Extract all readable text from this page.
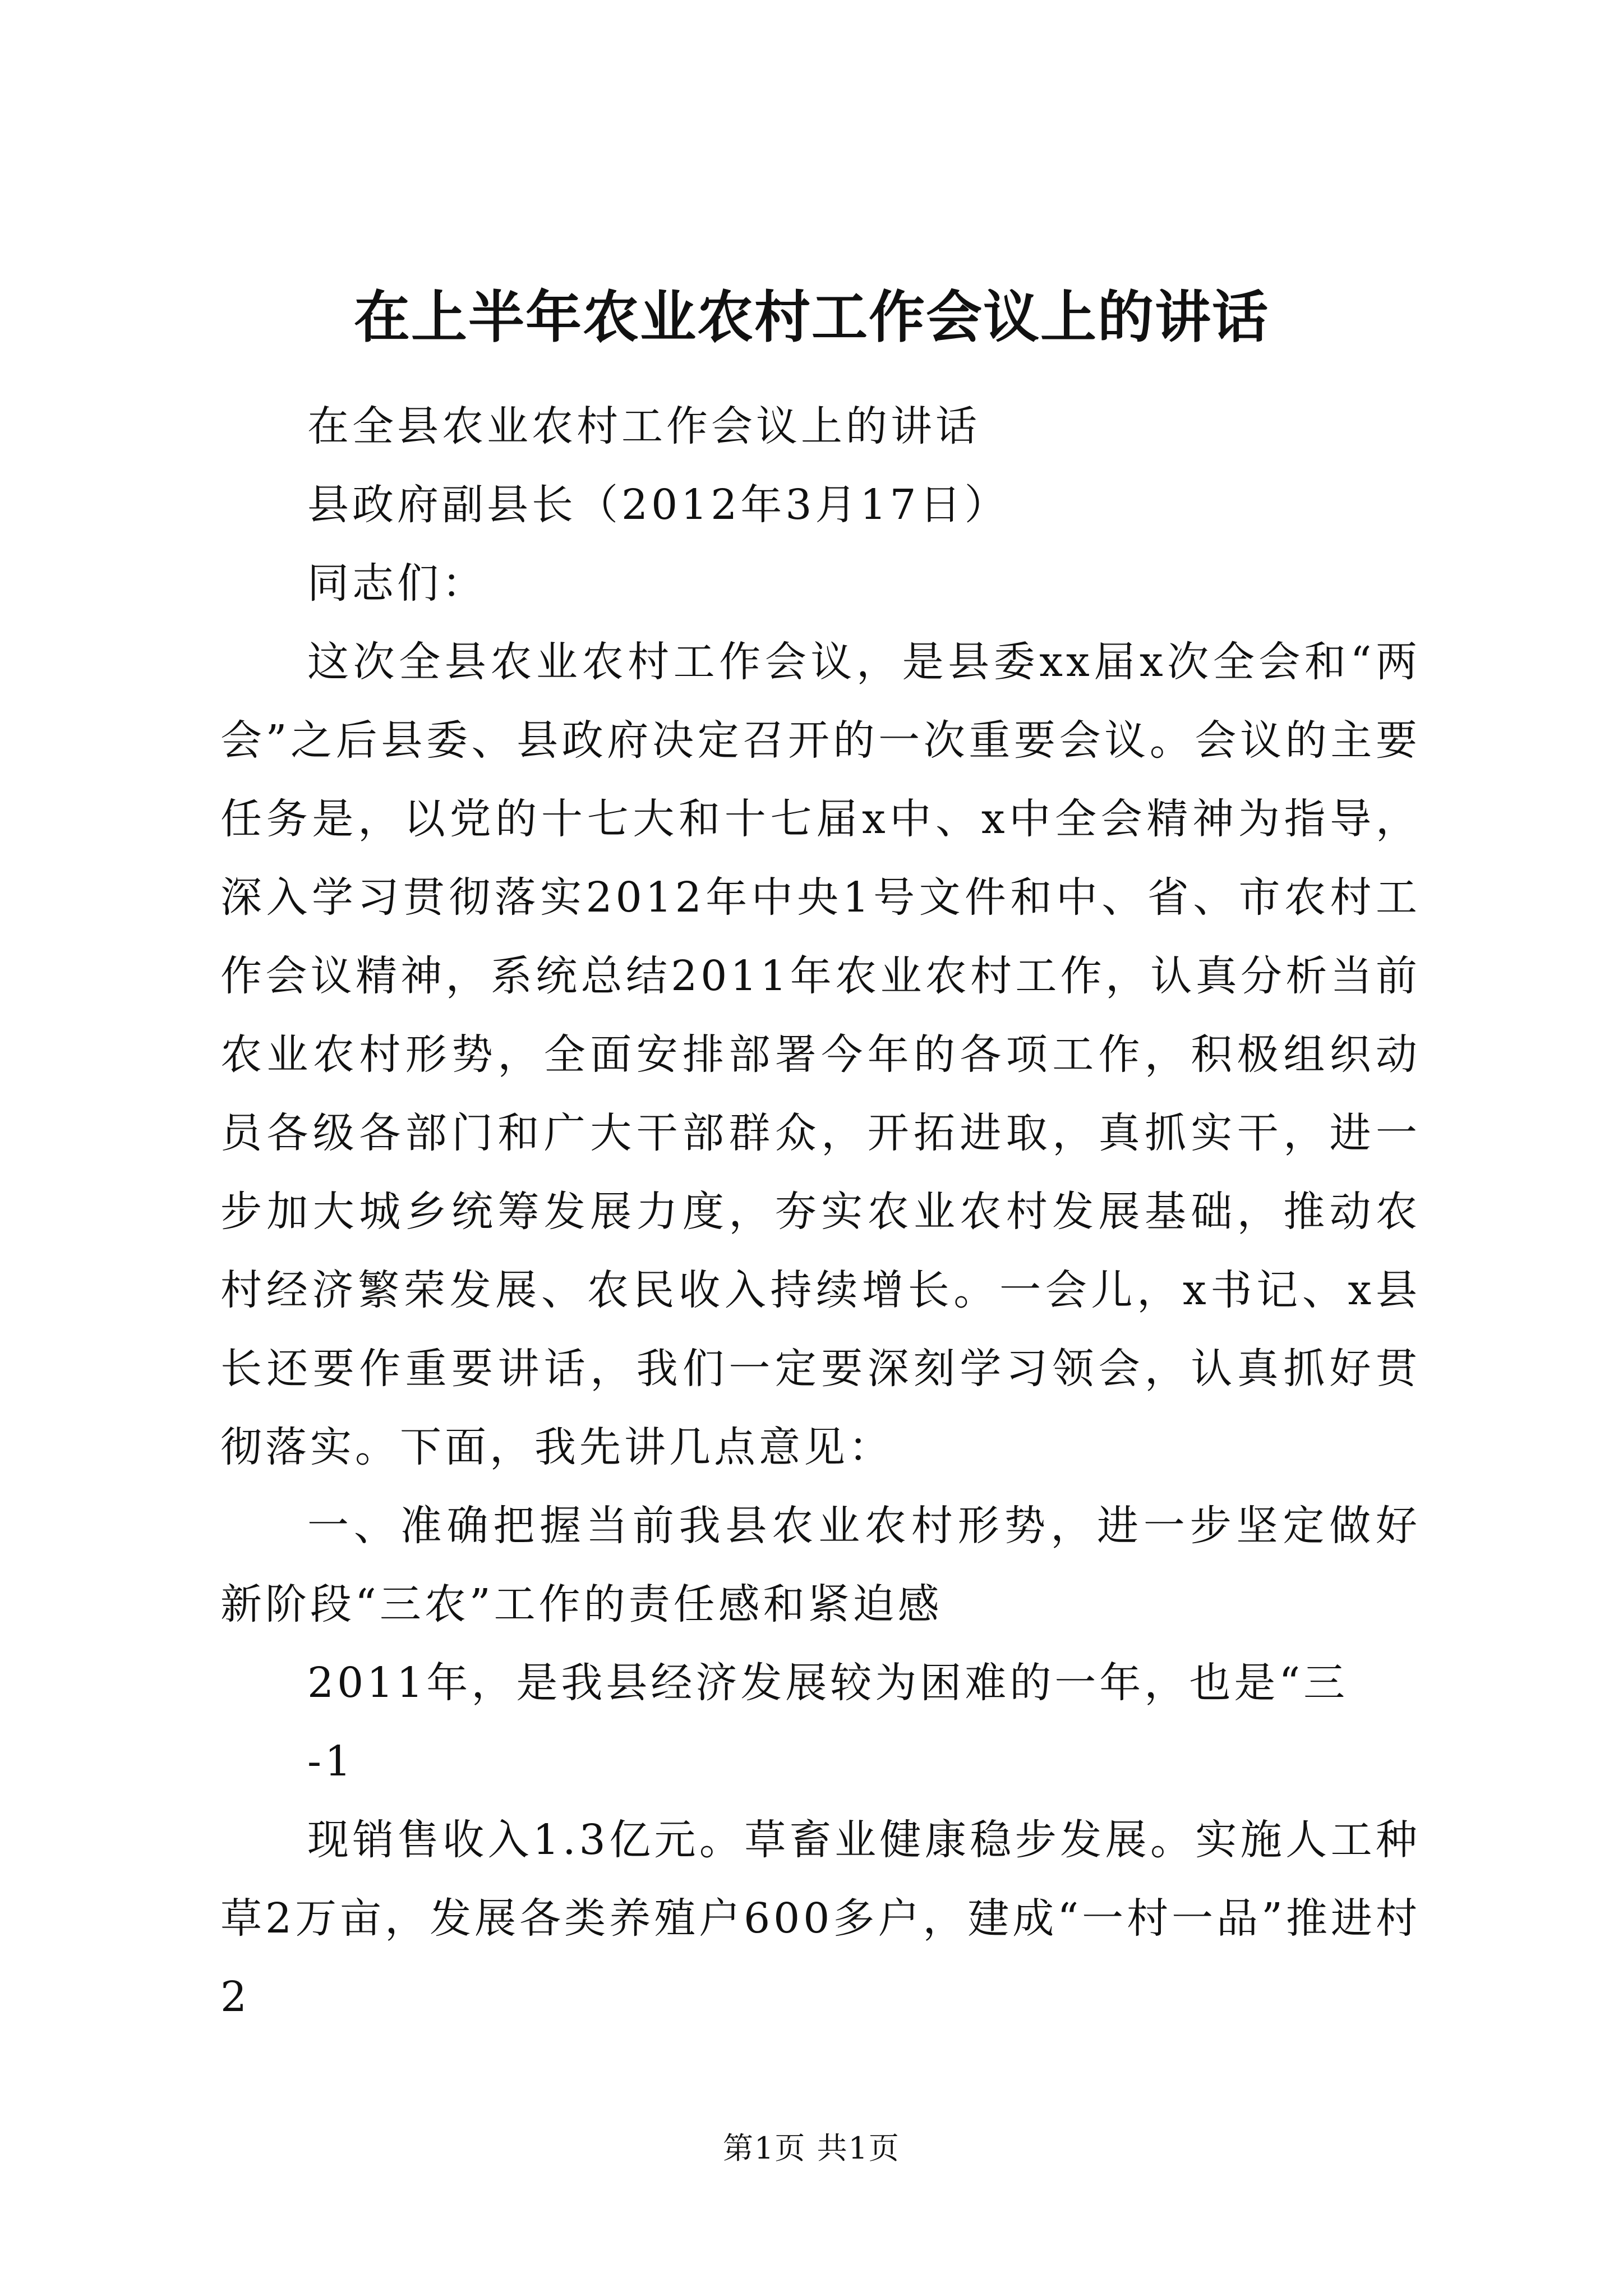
在上半年农业农村工作会议上的讲话

在全县农业农村工作会议上的讲话

县政府副县长（2012年3月17日）

同志们：

这次全县农业农村工作会议，是县委xx届x次全会和“两会”之后县委、县政府决定召开的一次重要会议。会议的主要任务是，以党的十七大和十七届x中、x中全会精神为指导，深入学习贯彻落实2012年中央1号文件和中、省、市农村工作会议精神，系统总结2011年农业农村工作，认真分析当前农业农村形势，全面安排部署今年的各项工作，积极组织动员各级各部门和广大干部群众，开拓进取，真抓实干，进一步加大城乡统筹发展力度，夯实农业农村发展基础，推动农村经济繁荣发展、农民收入持续增长。一会儿，x书记、x县长还要作重要讲话，我们一定要深刻学习领会，认真抓好贯彻落实。下面，我先讲几点意见：

一、准确把握当前我县农业农村形势，进一步坚定做好新阶段“三农”工作的责任感和紧迫感

2011年，是我县经济发展较为困难的一年，也是“三

-1

现销售收入1.3亿元。草畜业健康稳步发展。实施人工种草2万亩，发展各类养殖户600多户，建成“一村一品”推进村2

第1页 共1页
